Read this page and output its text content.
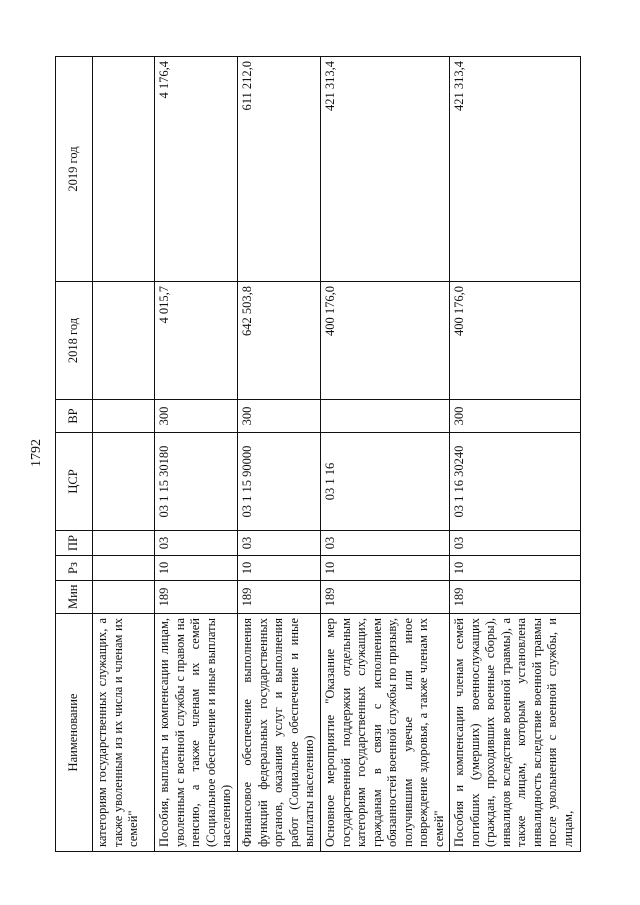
1792
Наименование	Мин	Рз	ПР	ЦСР	ВР	2018 год	2019 год
категориям государственных служащих, а также уволенным из их числа и членам их семей"							
Пособия, выплаты и компенсации лицам, уволенным с военной службы с правом на пенсию, а также членам их семей (Социальное обеспечение и иные выплаты населению)	189	10	03	03 1 15 30180	300	4 015,7	4 176,4
Финансовое обеспечение выполнения функций федеральных государственных органов, оказания услуг и выполнения работ (Социальное обеспечение и иные выплаты населению)	189	10	03	03 1 15 90000	300	642 503,8	611 212,0
Основное мероприятие "Оказание мер государственной поддержки отдельным категориям государственных служащих, гражданам в связи с исполнением обязанностей военной службы по призыву, получившим увечье или иное повреждение здоровья, а также членам их семей"	189	10	03	03 1 16		400 176,0	421 313,4
Пособия и компенсации членам семей погибших (умерших) военнослужащих (граждан, проходивших военные сборы), инвалидов вследствие военной травмы), а также лицам, которым установлена инвалидность вследствие военной травмы после увольнения с военной службы, и лицам,	189	10	03	03 1 16 30240	300	400 176,0	421 313,4
